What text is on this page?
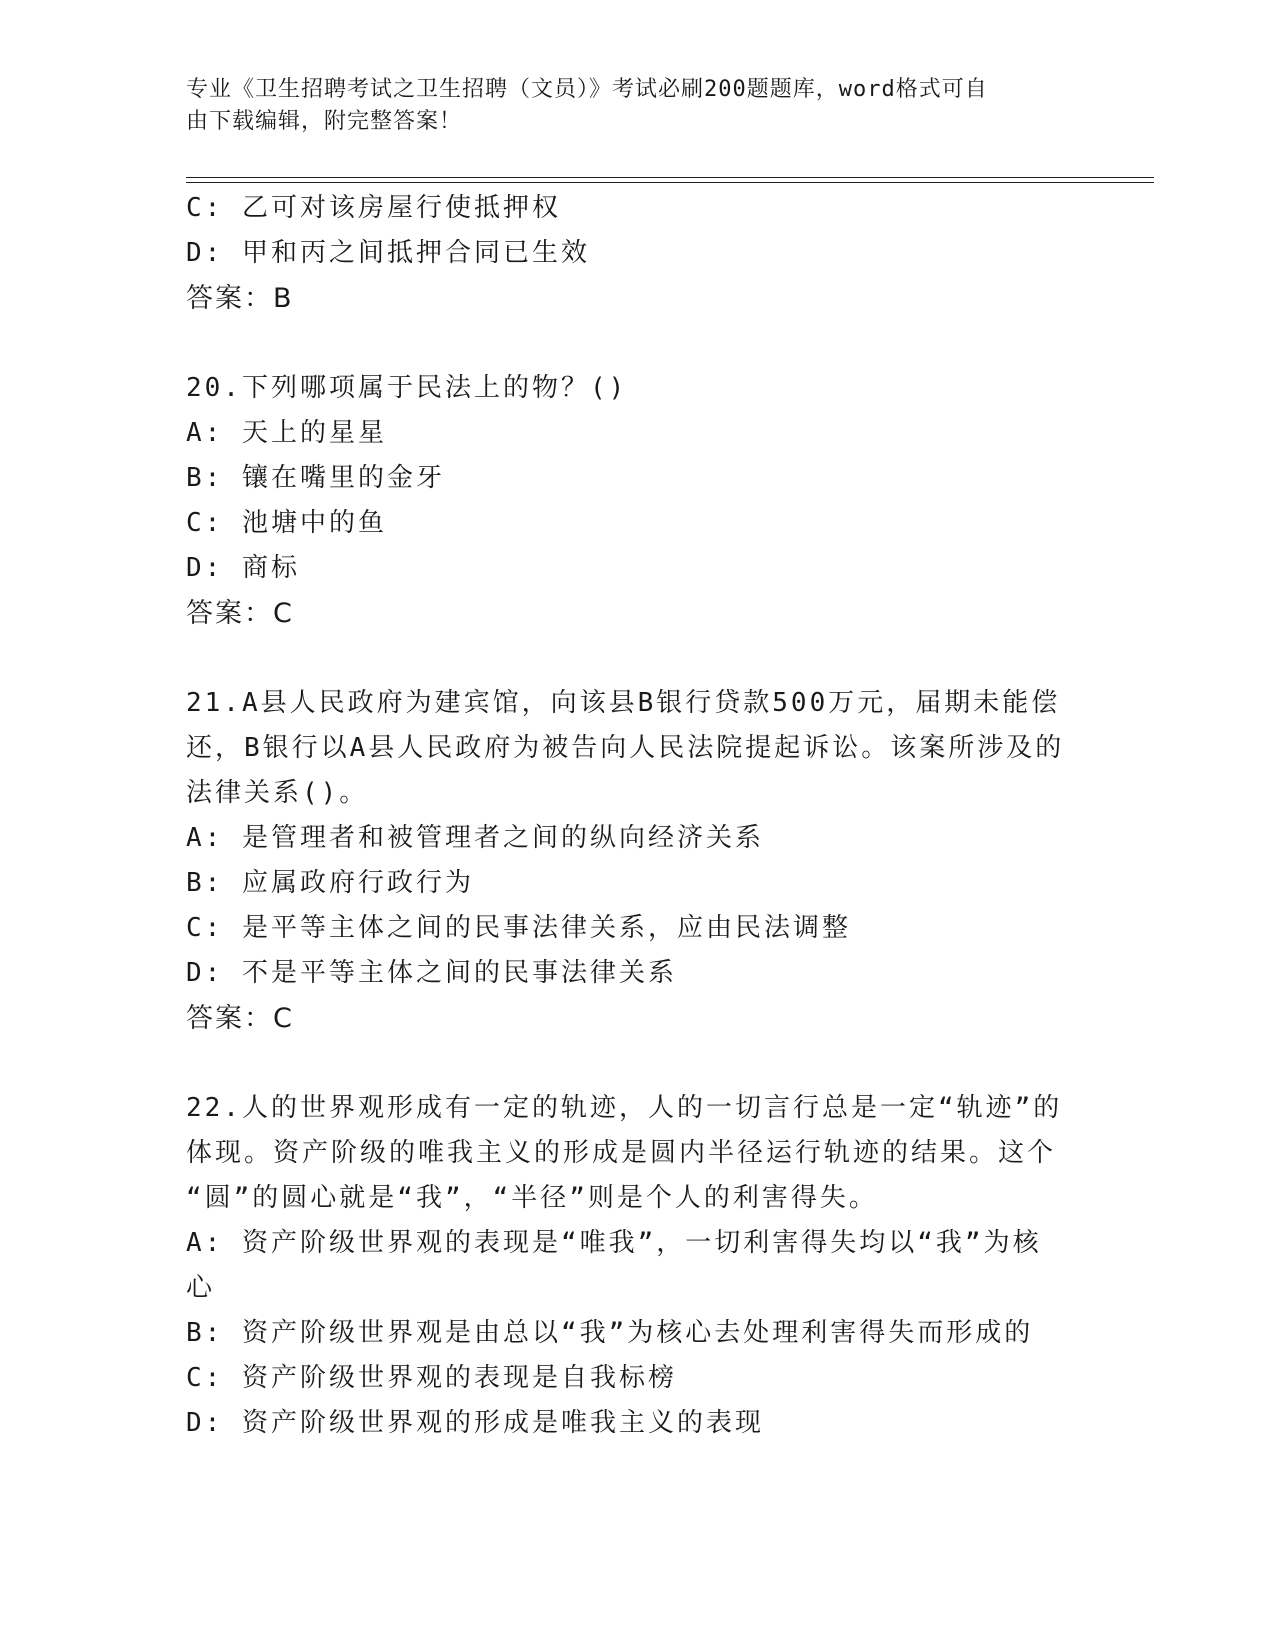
专业《卫生招聘考试之卫生招聘（文员）》考试必刷200题题库，word格式可自
由下载编辑，附完整答案！
C: 乙可对该房屋行使抵押权
D: 甲和丙之间抵押合同已生效
答案：B
20.下列哪项属于民法上的物？()
A: 天上的星星
B: 镶在嘴里的金牙
C: 池塘中的鱼
D: 商标
答案：C
21.A县人民政府为建宾馆，向该县B银行贷款500万元，届期未能偿
还，B银行以A县人民政府为被告向人民法院提起诉讼。该案所涉及的
法律关系()。
A: 是管理者和被管理者之间的纵向经济关系
B: 应属政府行政行为
C: 是平等主体之间的民事法律关系，应由民法调整
D: 不是平等主体之间的民事法律关系
答案：C
22.人的世界观形成有一定的轨迹，人的一切言行总是一定“轨迹”的
体现。资产阶级的唯我主义的形成是圆内半径运行轨迹的结果。这个
“圆”的圆心就是“我”，“半径”则是个人的利害得失。
A: 资产阶级世界观的表现是“唯我”，一切利害得失均以“我”为核
心
B: 资产阶级世界观是由总以“我”为核心去处理利害得失而形成的
C: 资产阶级世界观的表现是自我标榜
D: 资产阶级世界观的形成是唯我主义的表现
